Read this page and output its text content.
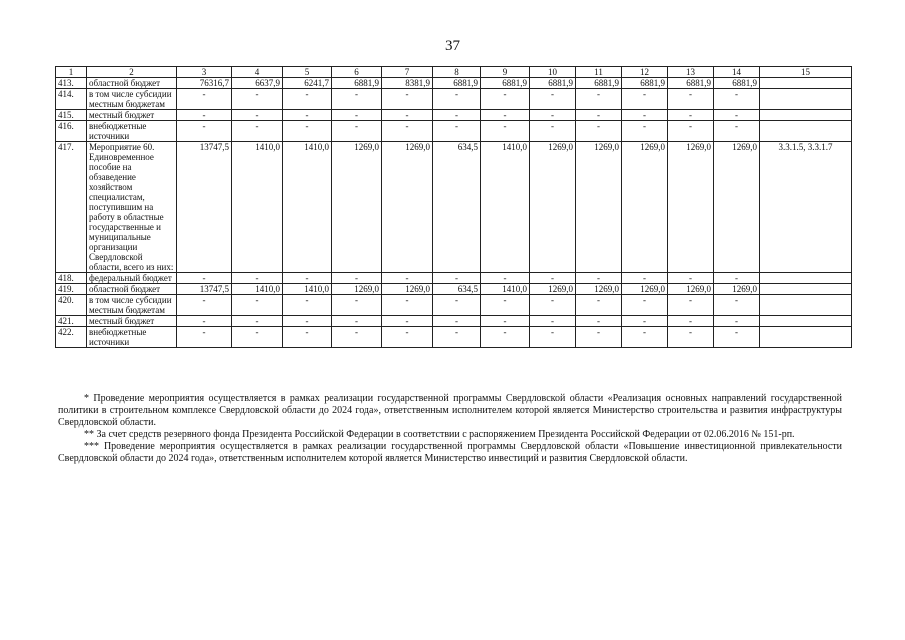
37
1	2	3	4	5	6	7	8	9	10	11	12	13	14	15
413.	областной бюджет	76316,7	6637,9	6241,7	6881,9	8381,9	6881,9	6881,9	6881,9	6881,9	6881,9	6881,9	6881,9	
414.	в том числе субсидии местным бюджетам	-	-	-	-	-	-	-	-	-	-	-	-	
415.	местный бюджет	-	-	-	-	-	-	-	-	-	-	-	-	
416.	внебюджетные источники	-	-	-	-	-	-	-	-	-	-	-	-	
417.	Мероприятие 60. Единовременное пособие на обзаведение хозяйством специалистам, поступившим на работу в областные государственные и муниципальные организации Свердловской области, всего из них:	13747,5	1410,0	1410,0	1269,0	1269,0	634,5	1410,0	1269,0	1269,0	1269,0	1269,0	1269,0	3.3.1.5, 3.3.1.7
418.	федеральный бюджет	-	-	-	-	-	-	-	-	-	-	-	-	
419.	областной бюджет	13747,5	1410,0	1410,0	1269,0	1269,0	634,5	1410,0	1269,0	1269,0	1269,0	1269,0	1269,0	
420.	в том числе субсидии местным бюджетам	-	-	-	-	-	-	-	-	-	-	-	-	
421.	местный бюджет	-	-	-	-	-	-	-	-	-	-	-	-	
422.	внебюджетные источники	-	-	-	-	-	-	-	-	-	-	-	-	

* Проведение мероприятия осуществляется в рамках реализации государственной программы Свердловской области «Реализация основных направлений государственной политики в строительном комплексе Свердловской области до 2024 года», ответственным исполнителем которой является Министерство строительства и развития инфраструктуры Свердловской области.

** За счет средств резервного фонда Президента Российской Федерации в соответствии с распоряжением Президента Российской Федерации от 02.06.2016 № 151-рп.

*** Проведение мероприятия осуществляется в рамках реализации государственной программы Свердловской области «Повышение инвестиционной привлекательности Свердловской области до 2024 года», ответственным исполнителем которой является Министерство инвестиций и развития Свердловской области.
